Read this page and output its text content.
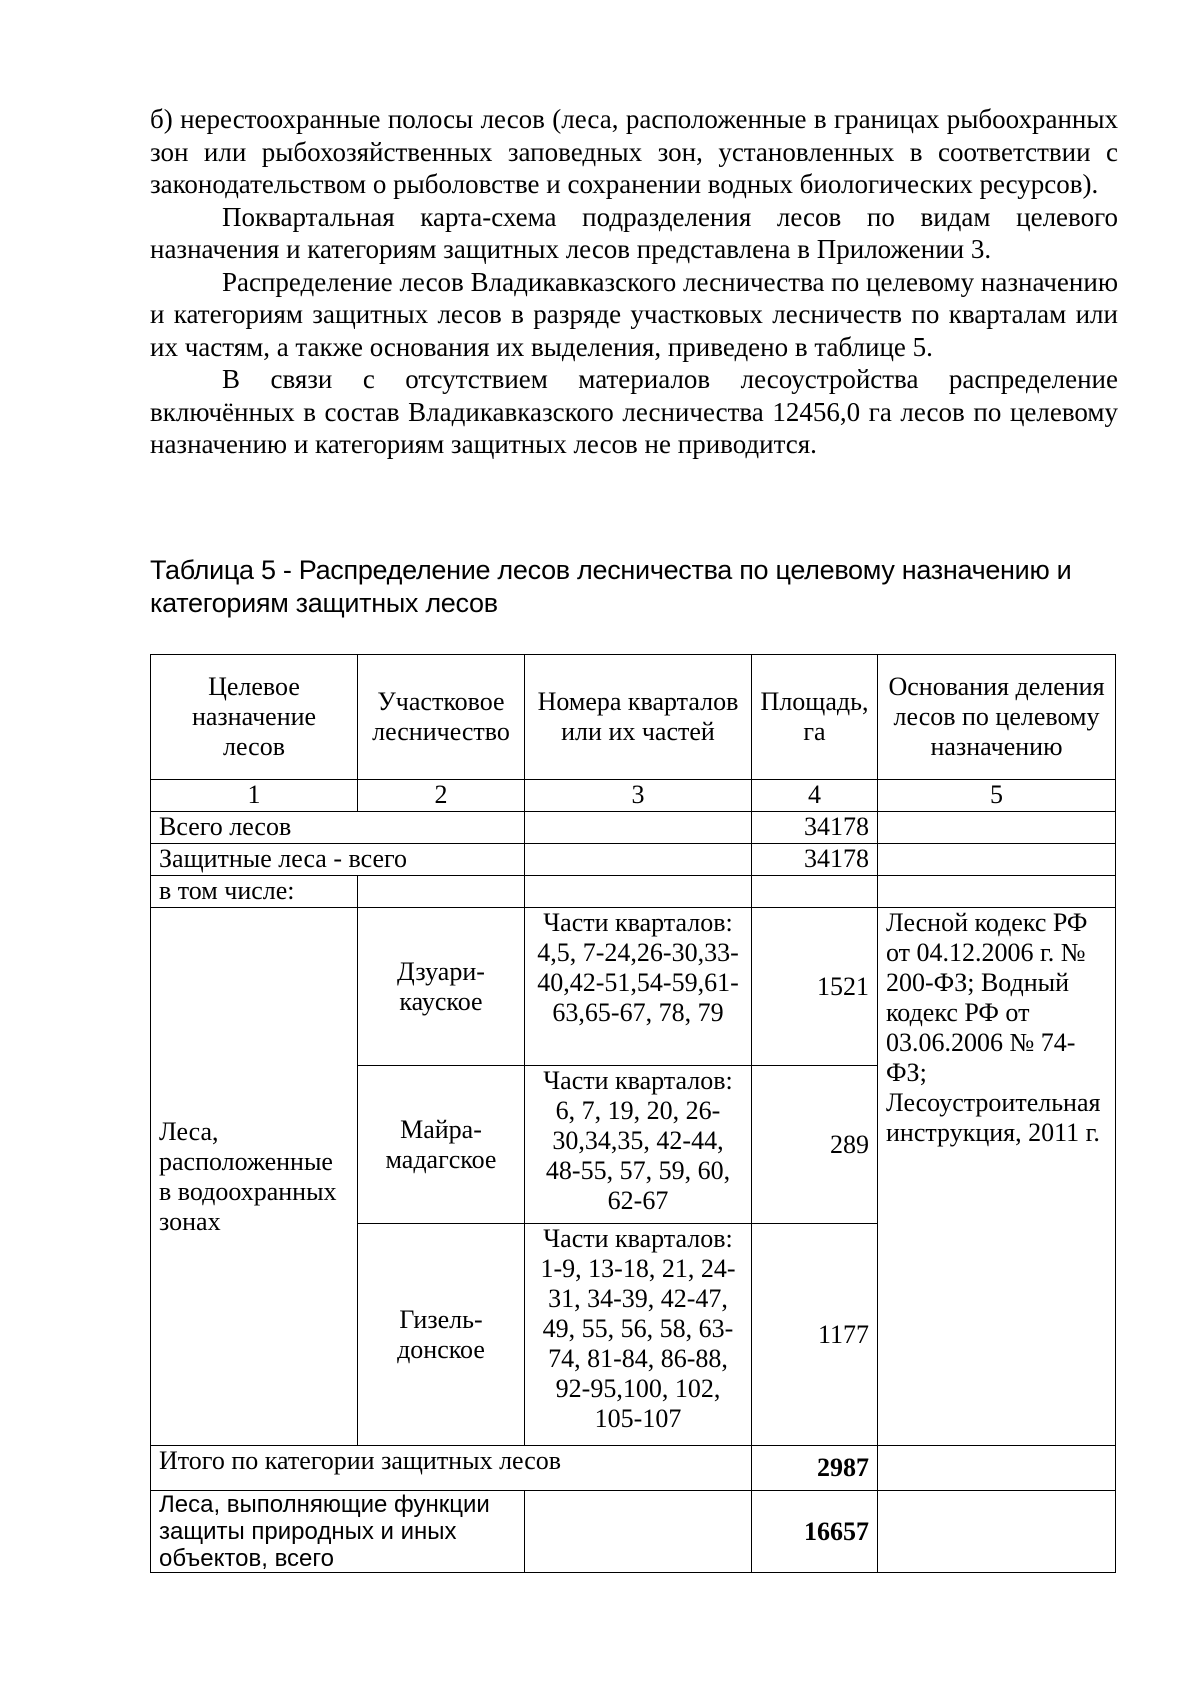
б) нерестоохранные полосы лесов (леса, расположенные в границах рыбоохранных зон или рыбохозяйственных заповедных зон, установленных в соответствии с законодательством о рыболовстве и сохранении водных биологических ресурсов).

Поквартальная карта-схема подразделения лесов по видам целевого назначения и категориям защитных лесов представлена в Приложении 3.

Распределение лесов Владикавказского лесничества по целевому назначению и категориям защитных лесов в разряде участковых лесничеств по кварталам или их частям, а также основания их выделения, приведено в таблице 5.

В связи с отсутствием материалов лесоустройства распределение включённых в состав Владикавказского лесничества 12456,0 га лесов по целевому назначению и категориям защитных лесов не приводится.

Таблица 5 - Распределение лесов лесничества по целевому назначению и категориям защитных лесов
Целевое назначение лесов	Участковое лесничество	Номера кварталов или их частей	Площадь, га	Основания деления лесов по целевому назначению
1	2	3	4	5
Всего лесов			34178	
Защитные леса - всего			34178	
в том числе:				
Леса, расположенные в водоохранных зонах	Дзуари-кауское	Части кварталов: 4,5, 7-24,26-30,33-40,42-51,54-59,61-63,65-67, 78, 79	1521	Лесной кодекс РФ от 04.12.2006 г. № 200-ФЗ; Водный кодекс РФ от 03.06.2006 № 74-ФЗ; Лесоустроительная инструкция, 2011 г.
	Майра-мадагское	Части кварталов: 6, 7, 19, 20, 26-30,34,35, 42-44, 48-55, 57, 59, 60, 62-67	289	
	Гизель-донское	Части кварталов: 1-9, 13-18, 21, 24-31, 34-39, 42-47, 49, 55, 56, 58, 63-74, 81-84, 86-88, 92-95,100, 102, 105-107	1177	
Итого по категории защитных лесов			2987	
Леса, выполняющие функции защиты природных и иных объектов, всего			16657	
